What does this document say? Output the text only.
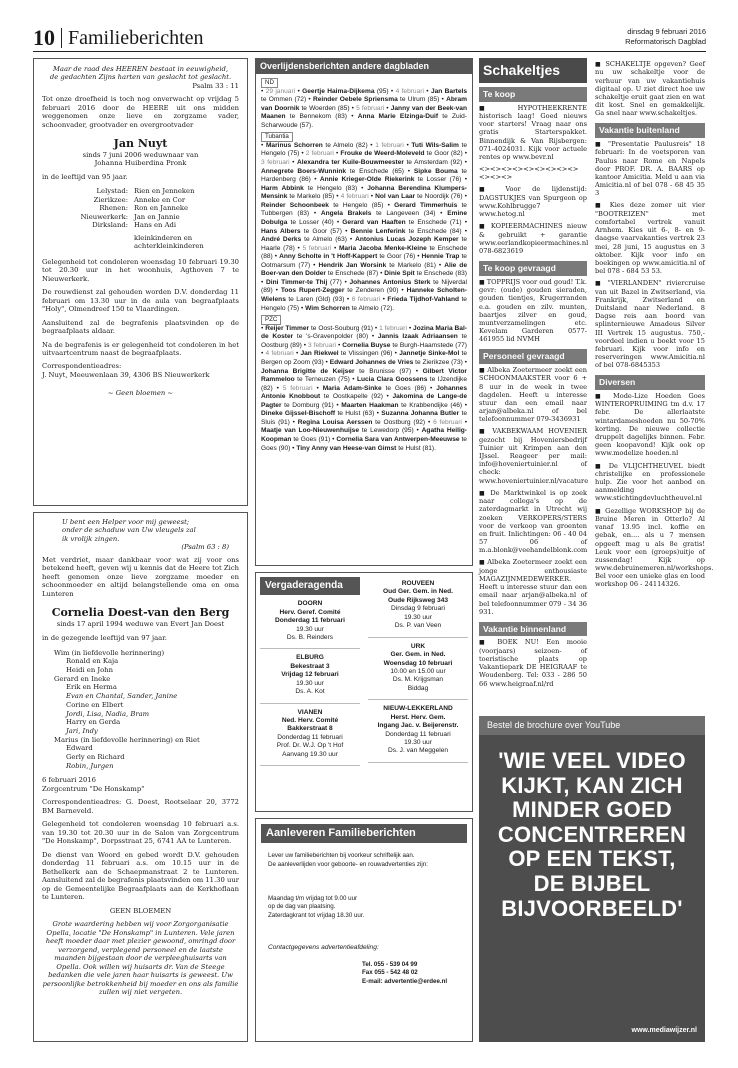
10 Familieberichten	dinsdag 9 februari 2016
Reformatorisch Dagblad
Maar de raad des HEEREN bestaat in eeuwigheid,
de gedachten Zijns harten van geslacht tot geslacht.
Psalm 33 : 11
Tot onze droefheid is toch nog onverwacht op vrijdag 5 februari 2016 door de HEERE uit ons midden weggenomen onze lieve en zorgzame vader, schoonvader, grootvader en overgrootvader
Jan Nuyt
sinds 7 juni 2006 weduwnaar van
Johanna Huiberdina Pronk
in de leeftijd van 95 jaar.
Lelystad: Rien en Jenneken
Zierikzee: Anneke en Cor
Rhenen: Ron en Janneke
Nieuwerkerk: Jan en Jannie
Dirksland: Hans en Adi
kleinkinderen en
achterkleinkinderen
Gelegenheid tot condoleren woensdag 10 februari 19.30 tot 20.30 uur in het woonhuis, Agthoven 7 te Nieuwerkerk.
De rouwdienst zal gehouden worden D.V. donderdag 11 februari om 13.30 uur in de aula van begraafplaats "Holy", Olmendreef 150 te Vlaardingen.
Aansluitend zal de begrafenis plaatsvinden op de begraafplaats aldaar.
Na de begrafenis is er gelegenheid tot condoleren in het uitvaartcentrum naast de begraafplaats.
Correspondentieadres:
J. Nuyt, Meeuwenlaan 39, 4306 BS Nieuwerkerk
~ Geen bloemen ~
U bent een Helper voor mij geweest;
onder de schaduw van Uw vleugels zal
ik vrolijk zingen.
(Psalm 63 : 8)
Met verdriet, maar dankbaar voor wat zij voor ons betekend heeft, geven wij u kennis dat de Heere tot Zich heeft genomen onze lieve zorgzame moeder en schoonmoeder en altijd belangstellende oma en oma Lunteren
Cornelia Doest-van den Berg
sinds 17 april 1994 weduwe van Evert Jan Doest
in de gezegende leeftijd van 97 jaar.
Wim (in liefdevolle herinnering)
Ronald en Kaja
Heidi en John
Gerard en Ineke
Erik en Herma
Evan en Chantal, Sander, Janine
Corine en Elbert
Jordi, Lisa, Nadia, Bram
Harry en Gerda
Jari, Indy
Marius (in liefdevolle herinnering) en Riet
Edward
Gerly en Richard
Robin, Jurgen
6 februari 2016
Zorgcentrum "De Honskamp"
Correspondentieadres: G. Doest, Rootselaar 20, 3772 BM Barneveld.
Gelegenheid tot condoleren woensdag 10 februari a.s. van 19.30 tot 20.30 uur in de Salon van Zorgcentrum "De Honskamp", Dorpsstraat 25, 6741 AA te Lunteren.
De dienst van Woord en gebed wordt D.V. gehouden donderdag 11 februari a.s. om 10.15 uur in de Bethelkerk aan de Schaepmanstraat 2 te Lunteren. Aansluitend zal de begrafenis plaatsvinden om 11.30 uur op de Gemeentelijke Begraafplaats aan de Kerkhoflaan te Lunteren.
GEEN BLOEMEN
Grote waardering hebben wij voor Zorgorganisatie Opella, locatie "De Honskamp" in Lunteren. Vele jaren heeft moeder daar met plezier gewoond, omringd door verzorgend, verplegend personeel en de laatste maanden bijgestaan door de verpleeghuisarts van Opella. Ook willen wij huisarts dr. Van de Steege bedanken die vele jaren haar huisarts is geweest. Uw persoonlijke betrokkenheid bij moeder en ons als familie zullen wij niet vergeten.
Overlijdensberichten andere dagbladen
ND
• 29 januari • Geertje Haima-Dijkema (95) • 4 februari • Jan Bartels te Ommen (72) • Reinder Oebele Spriensma te Ulrum (85) • Abram van Doornik te Woerden (85) • 5 februari • Janny van der Beek-van Maanen te Bennekom (83) • Anna Marie Elzinga-Duif te Zuid-Scharwoude (57).
Tubantia
• Marinus Schorren te Almelo (82) • 1 februari • Tuti Wils-Salim te Hengelo (75) • 2 februari • Frouke de Weerd-Moleveld te Goor (82) • 3 februari • Alexandra ter Kuile-Bouwmeester te Amsterdam (92) • Annegrete Boers-Wunnink te Enschede (65) • Sipke Bouma te Hardenberg (86) • Annie Krieger-Olde Riekerink te Losser (76) • Harm Abbink te Hengelo (83) • Johanna Berendina Klumpers-Mensink te Markelo (85) • 4 februari • Nol van Laar te Noordijk (76) • Reinder Schoonbeek te Hengelo (85) • Gerard Timmerhuis te Tubbergen (83) • Angela Brakels te Langeveen (34) • Emine Dobulga te Losser (40) • Gerard van Haaften te Enschede (71) • Hans Albers te Goor (57) • Bennie Lenferink te Enschede (84) • André Derks te Almelo (63) • Antonius Lucas Jozeph Kemper te Haarle (78) • 5 februari • Maria Jacoba Menke-Kleine te Enschede (88) • Anny Scholte in 't Hoff-Kappert te Goor (76) • Hennie Trap te Ootmarsum (77) • Hendrik Jan Worsink te Markelo (81) • Alie de Boer-van den Dolder te Enschede (87) • Dinie Spit te Enschede (83) • Dini Timmer-te Thij (77) • Johannes Antonius Sterk te Nijverdal (89) • Toos Rupert-Zegger te Zenderen (90) • Hanneke Scholten-Wielens te Laren (Gld) (93) • 6 februari • Frieda Tijdhof-Vahland te Hengelo (75) • Wim Schorren te Almelo (72).
PZC
• Reijer Timmer te Oost-Souburg (91) • 1 februari • Jozina Maria Bal-de Koster te 's-Gravenpolder (80) • Jannis Izaak Adriaansen te Oostburg (89) • 3 februari • Cornelia Buyse te Burgh-Haamstede (77) • 4 februari • Jan Riekwel te Vlissingen (96) • Jannetje Sinke-Mol te Bergen op Zoom (93) • Edward Johannes de Vries te Zierikzee (73) • Johanna Brigitte de Keijser te Brunisse (97) • Gilbert Victor Rammeloo te Terneuzen (75) • Lucia Clara Goossens te IJzendijke (82) • 5 februari • Maria Adam-Sinke te Goes (86) • Johannes Antonie Knobbout te Oostkapelle (92) • Jakomina de Lange-de Pagter te Domburg (91) • Maarten Haakman te Krabbendijke (46) • Dineke Gijssel-Bischoff te Hulst (63) • Suzanna Johanna Butler te Sluis (91) • Regina Louisa Aerssen te Oostburg (92) • 6 februari • Maatje van Loo-Nieuwenhuijse te Lewedorp (95) • Agatha Heilig-Koopman te Goes (91) • Cornelia Sara van Antwerpen-Meeuwse te Goes (90) • Tiny Anny van Heese-van Gimst te Hulst (81).
Vergaderagenda
DOORN
Herv. Geref. Comité
Donderdag 11 februari
19.30 uur
Ds. B. Reinders
ELBURG
Bekestraat 3
Vrijdag 12 februari
19.30 uur
Ds. A. Kot
VIANEN
Ned. Herv. Comité
Bakkerstraat 8
Donderdag 11 februari
Prof. Dr. W.J. Op 't Hof
Aanvang 19.30 uur
ROUVEEN
Oud Ger. Gem. in Ned.
Oude Rijksweg 343
Dinsdag 9 februari
19.30 uur
Ds. P. van Veen
URK
Ger. Gem. in Ned.
Woensdag 10 februari
10.00 en 15.00 uur
Ds. M. Krijgsman
Biddag
NIEUW-LEKKERLAND
Herst. Herv. Gem.
Ingang Jac. v. Beijerenstr.
Donderdag 11 februari
19.30 uur
Ds. J. van Meggelen
Aanleveren Familieberichten
Lever uw familieberichten bij voorkeur schriftelijk aan.
De aanleverlijden voor geboorte- en rouwadvertenties zijn:
Maandag t/m vrijdag tot 9.00 uur
op de dag van plaatsing.
Zaterdagkrant tot vrijdag 18.30 uur.
Contactgegevens advertentieafdeling:
Tel. 055 - 539 04 99
Fax 055 - 542 48 02
E-mail: advertentie@erdee.nl
Schakeltjes
Te koop
■ HYPOTHEEKRENTE historisch laag! Goed nieuws voor starters! Vraag naar ons gratis Starterspakket. Binnendijk & Van Rijsbergen: 071-4024031. Kijk voor actuele rentes op www.bevr.nl
<><><><><><><><><><><><>
■ Voor de lijdenstijd: DAGSTUKJES van Spurgeon op www.Kohlbrugge7 www.hetog.nl
■ KOPIEERMACHINES nieuw & gebruikt + garantie www.eerlandkopieermachines.nl 078-6823619
Te koop gevraagd
■ TOPPRIJS voor oud goud! T.k. gevr: (oude) gouden sieraden, gouden tientjes, Krugerranden e.a. gouden en zilv. munten, baartjes zilver en goud, muntverzamelingen etc. Kevelam Garderen 0577-461955 lid NVMH
Personeel gevraagd
■ Albeka Zoetermeer zoekt een SCHOONMAAKSTER voor 6 + 8 uur in de week in twee dagdelen. Heeft u interesse stuur dan een email naar arjan@albeka.nl of bel telefoonnummer 079-3436931
■ VAKBEKWAAM HOVENIER gezocht bij Hoveniersbedrijf Tuinier uit Krimpen aan den IJssel. Reageer per mail: info@hoveniertuinier.nl of check: www.hoveniertuinier.nl/vacature
■ De Marktwinkel is op zoek naar collega's op de zaterdagmarkt in Utrecht wij zoeken VERKOPERS/STERS voor de verkoop van groenten en fruit. Inlichtingen: 06 - 40 04 57 06 of m.a.blonk@veehandelblonk.com
■ Albeka Zoetermeer zoekt een jonge enthousiaste MAGAZIJNMEDEWERKER. Heeft u interesse stuur dan een email naar arjan@albeka.nl of bel telefoonnummer 079 - 34 36 931.
Vakantie binnenland
■ BOEK NU! Een mooie (voorjaars) seizoen- of toeristische plaats op Vakantiepark DE HEIGRAAF te Woudenberg. Tel: 033 - 286 50 66 www.heigraaf.nl/rd
■ SCHAKELTJE opgeven? Geef nu uw schakeltje voor de verhuur van uw vakantiehuis digitaal op. U ziet direct hoe uw schakeltje eruit gaat zien en wat dit kost. Snel en gemakkelijk. Ga snel naar www.schakeltjes.
Vakantie buitenland
■ "Presentatie Paulusreis" 18 februari: In de voetsporen van Paulus naar Rome en Napels door PROF. DR. A. BAARS op kantoor Amicitia. Meld u aan via Amicitia.nl of bel 078 - 68 45 35 3
■ Kies deze zomer uit vier "BOOTREIZEN" met comfortabel vertrek vanuit Arnhem. Kies uit 6-, 8- en 9-daagse vaarvakanties vertrek 23 mei, 28 juni, 15 augustus en 3 oktober. Kijk voor info en boekingen op www.amicitia.nl of bel 078 - 684 53 53.
■ "VIERLANDEN" riviercruise van uit Bazel in Zwitserland, via Frankrijk, Zwitserland en Duitsland naar Nederland. 8 Dagse reis aan boord van splinternieuwe Amadeus Silver III Vertrek 15 augustus. 750,- voordeel indien u boekt voor 15 februari. Kijk voor info en reserveringen www.Amicitia.nl of bel 078-6845353
Diversen
■ Mode-Lize Hoeden Goes WINTEROPRUIMING tm d.v. 17 febr. De allerlaatste wintardameshoeden nu 50-70% korting. De nieuwe collectie druppelt dagelijks binnen. Febr. geen koopavond! Kijk ook op www.modelize hoeden.nl
■ De VLIJCHTHEUVEL biedt christelijke en professionele hulp. Zie voor het aanbod en aanmelding www.stichtingdevluchtheuvel.nl
■ Gezellige WORKSHOP bij de Bruine Meren in Otterlo? Al vanaf 13.95 incl. koffie en gebak, en.... als u 7 mensen opgeeft mag u als 8e gratis! Leuk voor een (groeps)uitje of zussendag! Kijk op www.debruinemeren.nl/workshops. Bel voor een unieke glas en lood workshop 06 - 24114326.
Bestel de brochure over YouTube
'WIE VEEL VIDEO
KIJKT, KAN ZICH
MINDER GOED
CONCENTREREN
OP EEN TEKST,
DE BIJBEL
BIJVOORBEELD'
www.mediawijzer.nl
